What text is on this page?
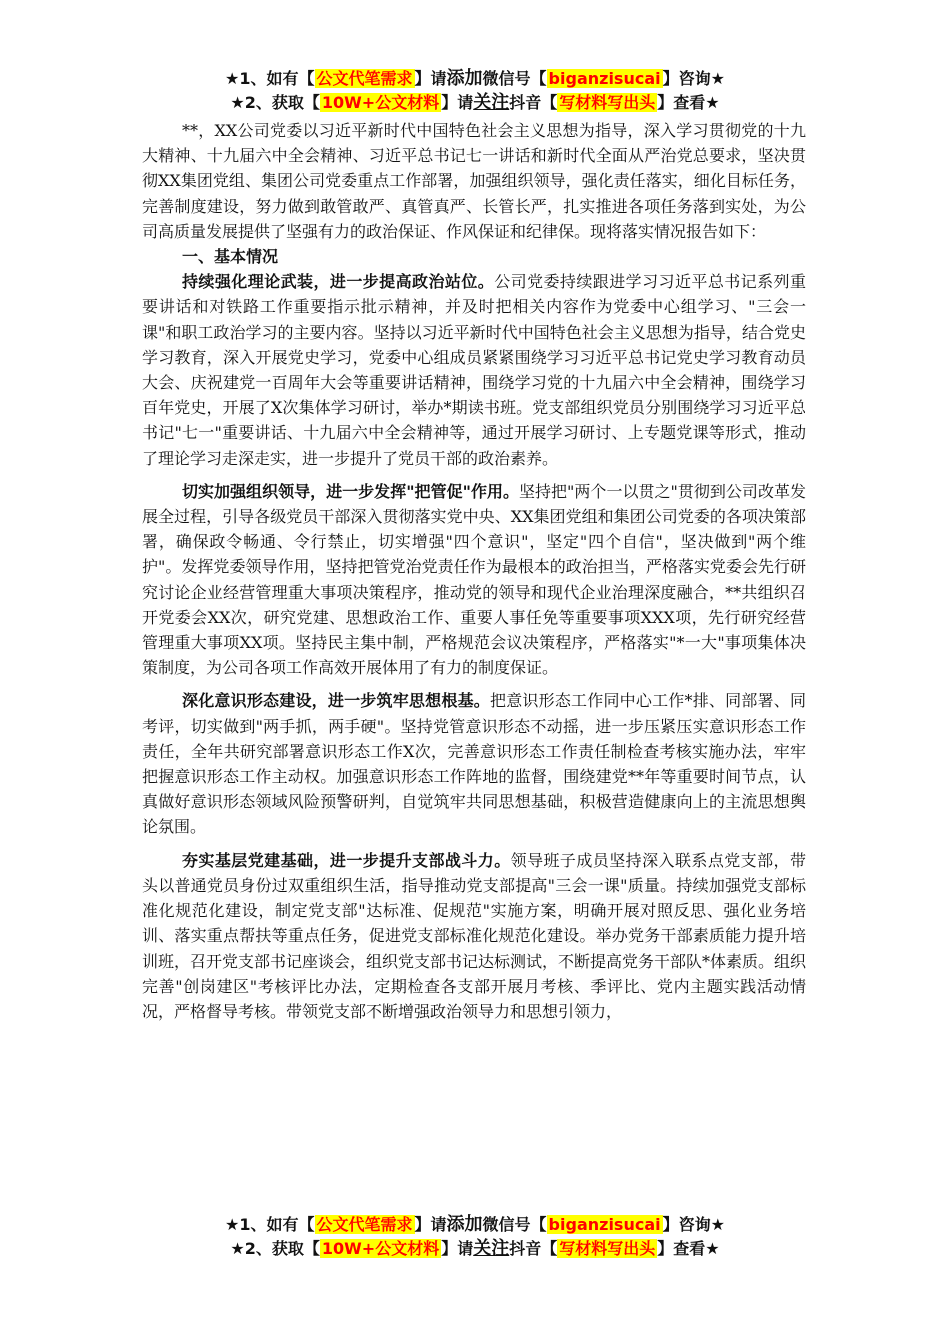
★1、如有【 公文代笔需求 】请添加微信号【 biganzisucai 】咨询★
★2、获取【 10W+公文材料 】请关注抖音【 写材料写出头 】查看★

**，XX公司党委以习近平新时代中国特色社会主义思想为指导，深入学习贯彻党的十九大精神、十九届六中全会精神、习近平总书记七一讲话和新时代全面从严治党总要求，坚决贯彻XX集团党组、集团公司党委重点工作部署，加强组织领导，强化责任落实，细化目标任务，完善制度建设，努力做到敢管敢严、真管真严、长管长严，扎实推进各项任务落到实处，为公司高质量发展提供了坚强有力的政治保证、作风保证和纪律保。现将落实情况报告如下：

一、基本情况

持续强化理论武装，进一步提高政治站位。公司党委持续跟进学习习近平总书记系列重要讲话和对铁路工作重要指示批示精神，并及时把相关内容作为党委中心组学习、"三会一课"和职工政治学习的主要内容。坚持以习近平新时代中国特色社会主义思想为指导，结合党史学习教育，深入开展党史学习，党委中心组成员紧紧围绕学习习近平总书记党史学习教育动员大会、庆祝建党一百周年大会等重要讲话精神，围绕学习党的十九届六中全会精神，围绕学习百年党史，开展了X次集体学习研讨，举办*期读书班。党支部组织党员分别围绕学习习近平总书记"七一"重要讲话、十九届六中全会精神等，通过开展学习研讨、上专题党课等形式，推动了理论学习走深走实，进一步提升了党员干部的政治素养。

切实加强组织领导，进一步发挥"把管促"作用。坚持把"两个一以贯之"贯彻到公司改革发展全过程，引导各级党员干部深入贯彻落实党中央、XX集团党组和集团公司党委的各项决策部署，确保政令畅通、令行禁止，切实增强"四个意识"，坚定"四个自信"，坚决做到"两个维护"。发挥党委领导作用，坚持把管党治党责任作为最根本的政治担当，严格落实党委会先行研究讨论企业经营管理重大事项决策程序，推动党的领导和现代企业治理深度融合，**共组织召开党委会XX次，研究党建、思想政治工作、重要人事任免等重要事项XXX项，先行研究经营管理重大事项XX项。坚持民主集中制，严格规范会议决策程序，严格落实"*一大"事项集体决策制度，为公司各项工作高效开展体用了有力的制度保证。

深化意识形态建设，进一步筑牢思想根基。把意识形态工作同中心工作*排、同部署、同考评，切实做到"两手抓，两手硬"。坚持党管意识形态不动摇，进一步压紧压实意识形态工作责任，全年共研究部署意识形态工作X次，完善意识形态工作责任制检查考核实施办法，牢牢把握意识形态工作主动权。加强意识形态工作阵地的监督，围绕建党**年等重要时间节点，认真做好意识形态领域风险预警研判，自觉筑牢共同思想基础，积极营造健康向上的主流思想舆论氛围。

夯实基层党建基础，进一步提升支部战斗力。领导班子成员坚持深入联系点党支部，带头以普通党员身份过双重组织生活，指导推动党支部提高"三会一课"质量。持续加强党支部标准化规范化建设，制定党支部"达标准、促规范"实施方案，明确开展对照反思、强化业务培训、落实重点帮扶等重点任务，促进党支部标准化规范化建设。举办党务干部素质能力提升培训班，召开党支部书记座谈会，组织党支部书记达标测试，不断提高党务干部队*体素质。组织完善"创岗建区"考核评比办法，定期检查各支部开展月考核、季评比、党内主题实践活动情况，严格督导考核。带领党支部不断增强政治领导力和思想引领力，

★1、如有【 公文代笔需求 】请添加微信号【 biganzisucai 】咨询★
★2、获取【 10W+公文材料 】请关注抖音【 写材料写出头 】查看★
